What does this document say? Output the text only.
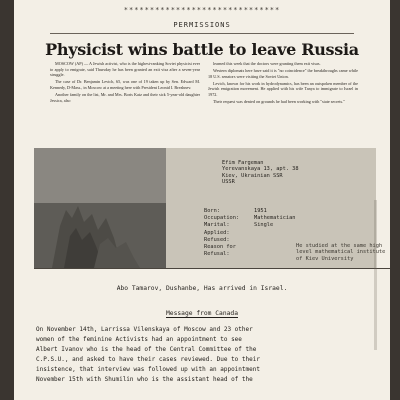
******************************
PERMISSIONS
Physicist wins battle to leave Russia

MOSCOW (AP) — A Jewish activist, who is the highest-ranking Soviet physicist ever to apply to emigrate, said Thursday he has been granted an exit visa after a seven-year struggle.

The case of Dr. Benjamin Levich, 65, was one of 19 taken up by Sen. Edward M. Kennedy, D-Mass., in Moscow at a meeting here with President Leonid I. Brezhnev.

Another family on the list, Mr. and Mrs. Boris Katz and their sick 5-year-old daughter Jessica, also

learned this week that the doctors were granting them exit visas.

Western diplomats here have said it is "no coincidence" the breakthroughs came while 18 U.S. senators were visiting the Soviet Union.

Levich, known for his work in hydrodynamics, has been an outspoken member of the Jewish emigration movement. He applied with his wife Tanya to immigrate to Israel in 1972.

Their request was denied on grounds he had been working with "state secrets."

Efim Fargeman
Yerevanskaya 13, apt. 38
Kiev, Ukrainian SSR
USSR
Born:	1951
Occupation:	Mathematician
Marital:	Single
Applied:
Refused:
Reason for
Refusal:
He studied at the same high
level mathematical institute
of Kiev University
Abo Tamarov, Dushanbe, Has arrived in Israel.
Message from Canada
On November 14th, Larrissa Vilenskaya of Moscow and 23 other
women of the feminine Activists had an appointment to see
Albert Ivanov who is the head of the Central Committee of the
C.P.S.U., and asked to have their cases reviewed. Due to their
insistence, that interview was followed up with an appointment
November 15th with Shumilin who is the assistant head of the
